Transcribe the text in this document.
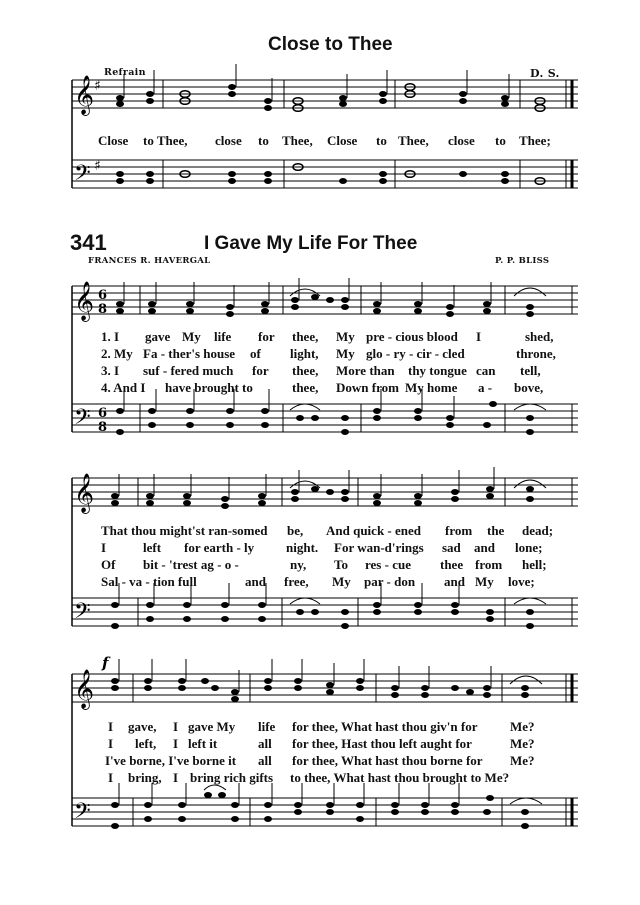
Close to Thee
Refrain	D. S.
𝄞 ♯
𝄢 ♯
Close to Thee, close to Thee, Close to Thee, close to Thee;
341	I Gave My Life For Thee
FRANCES R. HAVERGAL	P. P. BLISS
𝄞
𝄢
6
8
6
8
1. I gave My life for thee, My pre - cious blood I	shed,
2. My Fa - ther's house of light, My glo - ry - cir - cled	throne,
3. I suf - fered much for thee, More than thy tongue can tell,
4. And I have brought to	thee, Down from My home a - bove,
𝄞
𝄢
That thou might'st ran-somed be, And quick - ened from the dead;
I	left for earth - ly night. For wan-d'rings sad and lone;
Of bit - 'trest ag - o -	ny, To res - cue thee from hell;
Sal - va - tion full	and free, My par - don and My love;
𝄞
𝄢
f
I gave, I gave My life for thee, What hast thou giv'n for	Me?
I left, I left it	all for thee, Hast thou left aught for	Me?
I've borne, I've borne it all for thee, What hast thou borne for Me?
I bring, I bring rich gifts to thee, What hast thou brought to Me?
